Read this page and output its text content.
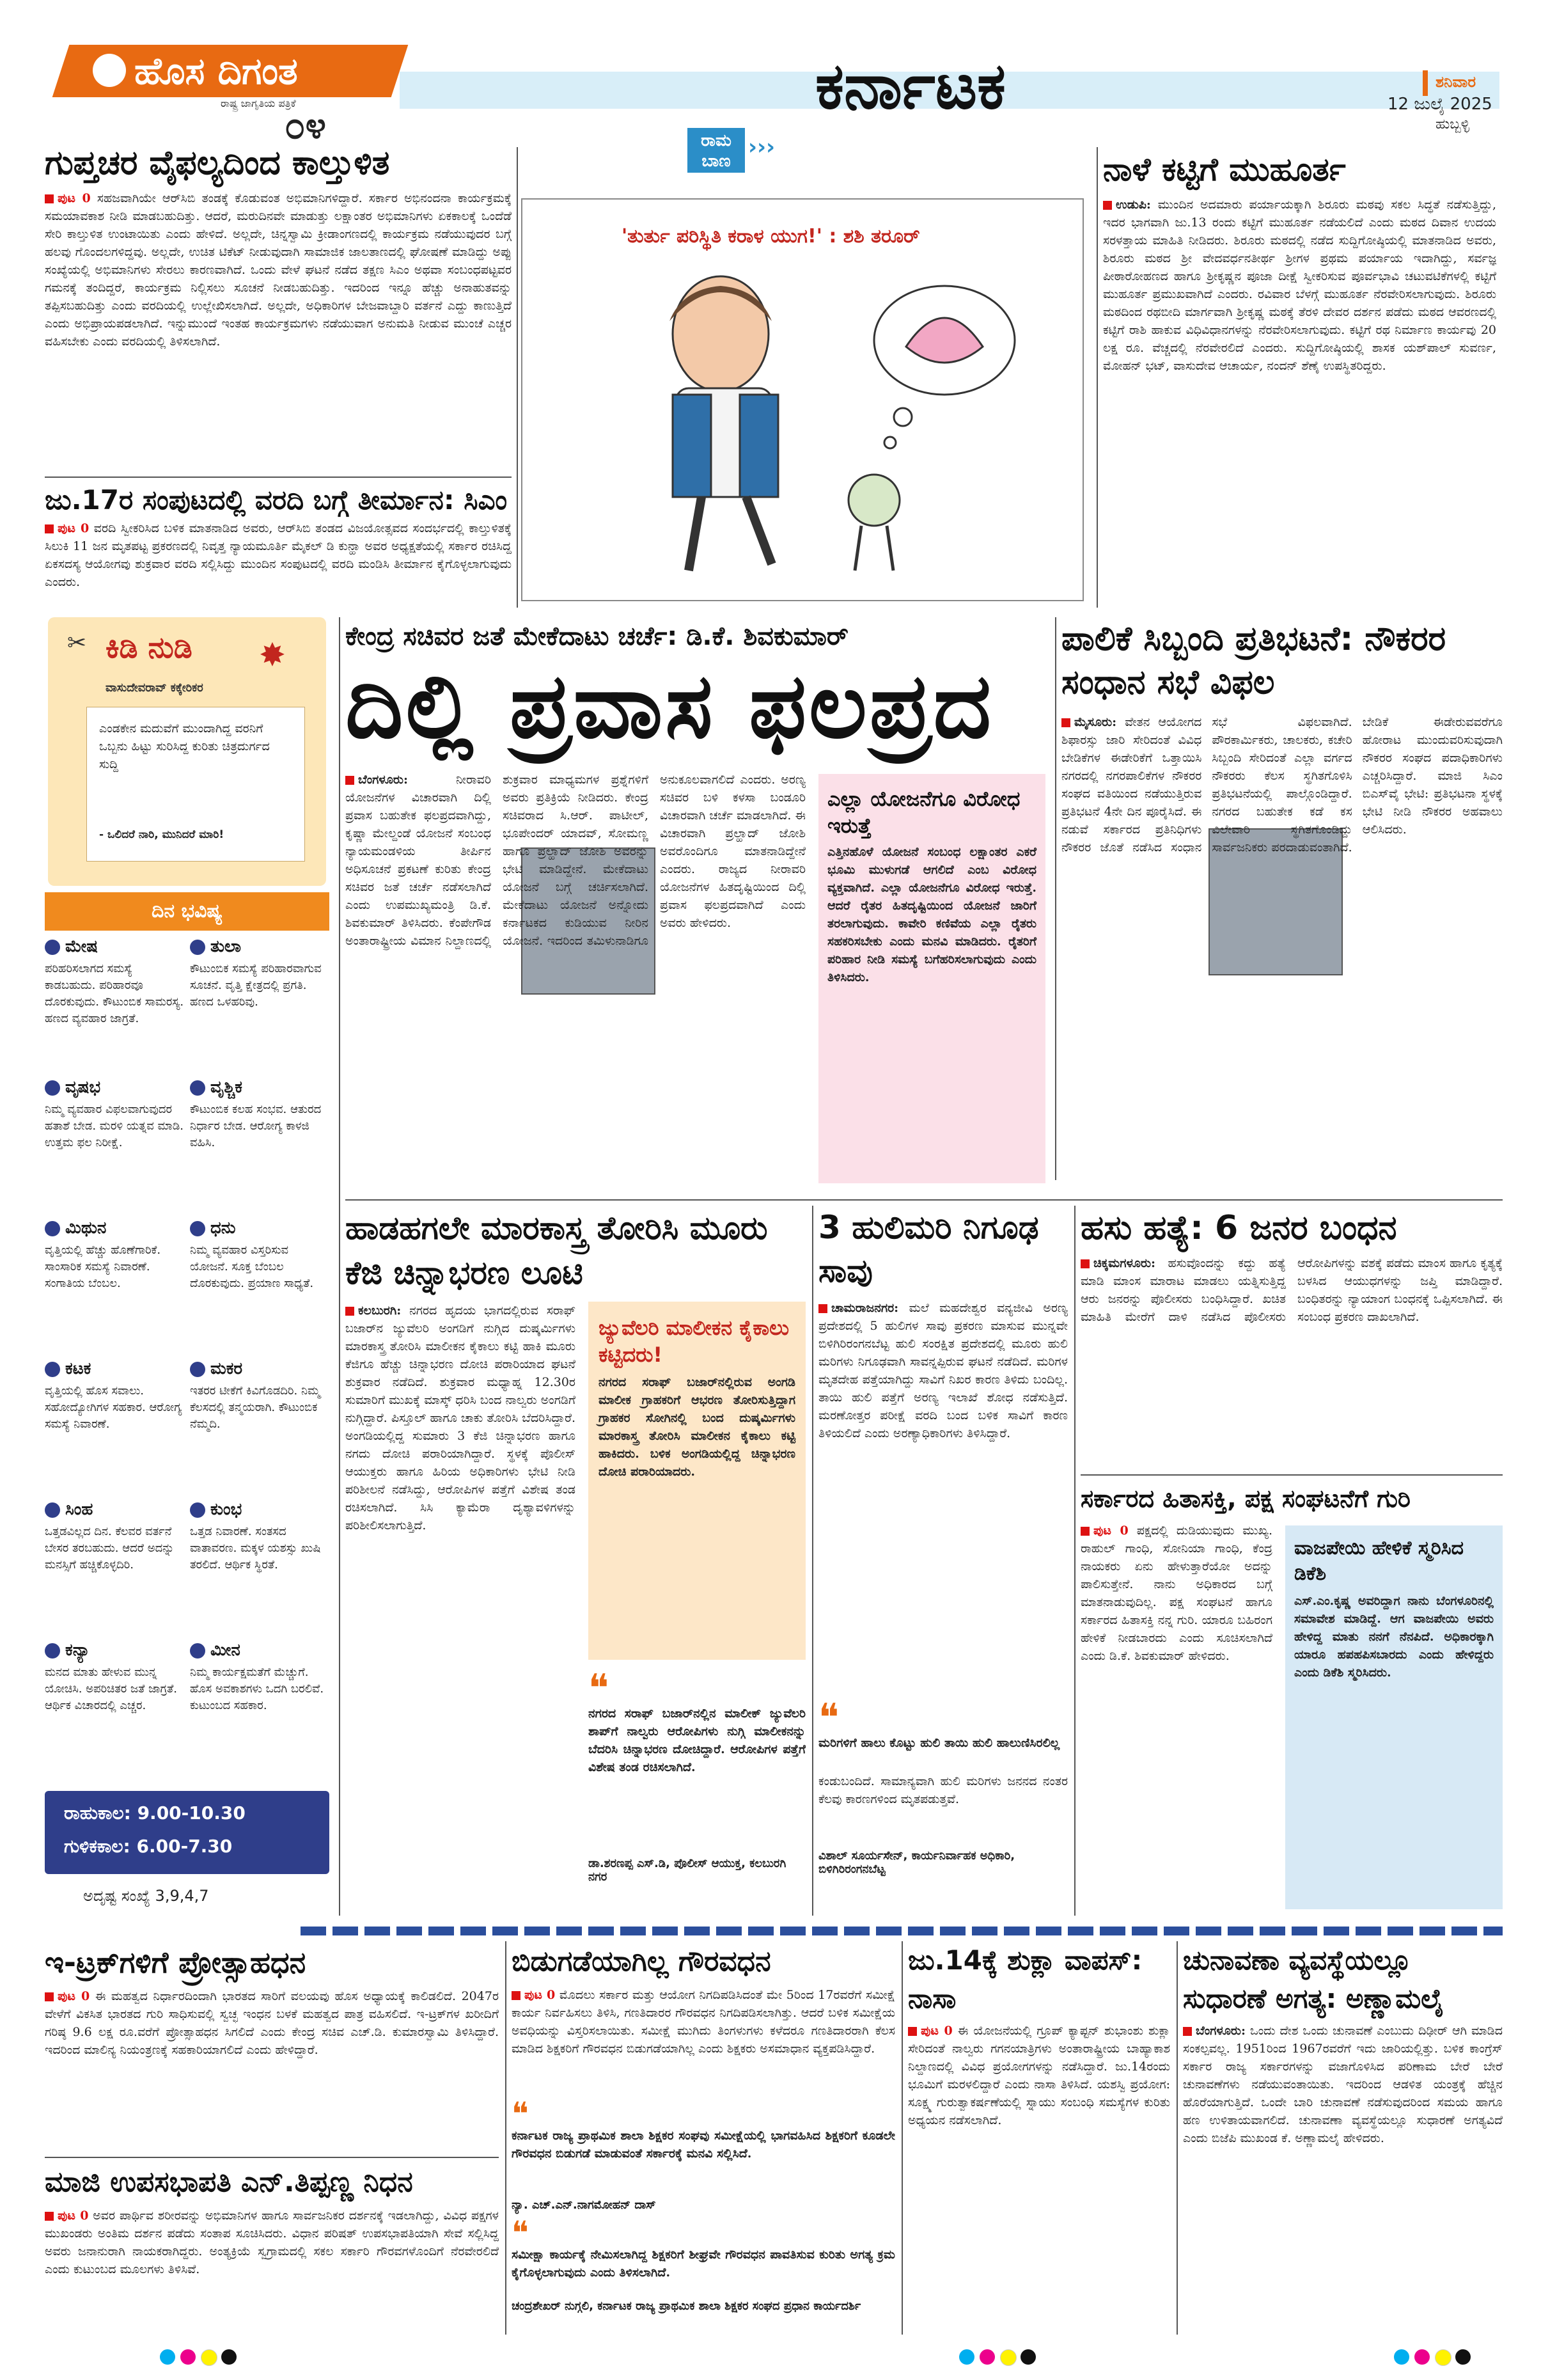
ಹೊಸ ದಿಗಂತ
ರಾಷ್ಟ್ರ ಜಾಗೃತಿಯ ಪತ್ರಿಕೆ
೦೪	ರಾಮ ಬಾಣ
›››
ಕರ್ನಾಟಕ	ಶನಿವಾರ
12 ಜುಲೈ 2025
ಹುಬ್ಬಳ್ಳಿ
ಗುಪ್ತಚರ ವೈಫಲ್ಯದಿಂದ ಕಾಲ್ತುಳಿತ
ಪುಟ 0 ಸಹಜವಾಗಿಯೇ ಆರ್‌ಸಿಬಿ ತಂಡಕ್ಕೆ ಕೊಡುವಂತ ಅಭಿಮಾನಿಗಳಿದ್ದಾರೆ. ಸರ್ಕಾರ ಅಭಿನಂದನಾ ಕಾರ್ಯಕ್ರಮಕ್ಕೆ ಸಮಯಾವಕಾಶ ನೀಡಿ ಮಾಡಬಹುದಿತ್ತು. ಆದರೆ, ಮರುದಿನವೇ ಮಾಡುತ್ತು ಲಕ್ಷಾಂತರ ಅಭಿಮಾನಿಗಳು ಏಕಕಾಲಕ್ಕೆ ಒಂದೆಡೆ ಸೇರಿ ಕಾಲ್ತುಳಿತ ಉಂಟಾಯಿತು ಎಂದು ಹೇಳಿದೆ. ಅಲ್ಲದೇ, ಚಿನ್ನಸ್ವಾಮಿ ಕ್ರೀಡಾಂಗಣದಲ್ಲಿ ಕಾರ್ಯಕ್ರಮ ನಡೆಯುವುದರ ಬಗ್ಗೆ ಹಲವು ಗೊಂದಲಗಳಿದ್ದವು. ಅಲ್ಲದೇ, ಉಚಿತ ಟಿಕೆಟ್ ನೀಡುವುದಾಗಿ ಸಾಮಾಜಿಕ ಜಾಲತಾಣದಲ್ಲಿ ಘೋಷಣೆ ಮಾಡಿದ್ದು ಅಪ್ಪು ಸಂಖ್ಯೆಯಲ್ಲಿ ಅಭಿಮಾನಿಗಳು ಸೇರಲು ಕಾರಣವಾಗಿದೆ. ಒಂದು ವೇಳೆ ಘಟನೆ ನಡೆದ ತಕ್ಷಣ ಸಿಎಂ ಅಥವಾ ಸಂಬಂಧಪಟ್ಟವರ ಗಮನಕ್ಕೆ ತಂದಿದ್ದರೆ, ಕಾರ್ಯಕ್ರಮ ನಿಲ್ಲಿಸಲು ಸೂಚನೆ ನೀಡಬಹುದಿತ್ತು. ಇದರಿಂದ ಇನ್ನೂ ಹೆಚ್ಚು ಅನಾಹುತವನ್ನು ತಪ್ಪಿಸಬಹುದಿತ್ತು ಎಂದು ವರದಿಯಲ್ಲಿ ಉಲ್ಲೇಖಿಸಲಾಗಿದೆ. ಅಲ್ಲದೇ, ಅಧಿಕಾರಿಗಳ ಬೇಜವಾಬ್ದಾರಿ ವರ್ತನೆ ಎದ್ದು ಕಾಣುತ್ತಿದೆ ಎಂದು ಅಭಿಪ್ರಾಯಪಡಲಾಗಿದೆ. ಇನ್ನುಮುಂದೆ ಇಂತಹ ಕಾರ್ಯಕ್ರಮಗಳು ನಡೆಯುವಾಗ ಅನುಮತಿ ನೀಡುವ ಮುಂಚೆ ಎಚ್ಚರ ವಹಿಸಬೇಕು ಎಂದು ವರದಿಯಲ್ಲಿ ತಿಳಿಸಲಾಗಿದೆ.
ಜು.17ರ ಸಂಪುಟದಲ್ಲಿ ವರದಿ ಬಗ್ಗೆ ತೀರ್ಮಾನ: ಸಿಎಂ
ಪುಟ 0 ವರದಿ ಸ್ವೀಕರಿಸಿದ ಬಳಿಕ ಮಾತನಾಡಿದ ಅವರು, ಆರ್‌ಸಿಬಿ ತಂಡದ ವಿಜಯೋತ್ಸವದ ಸಂದರ್ಭದಲ್ಲಿ ಕಾಲ್ತುಳಿತಕ್ಕೆ ಸಿಲುಕಿ 11 ಜನ ಮೃತಪಟ್ಟ ಪ್ರಕರಣದಲ್ಲಿ ನಿವೃತ್ತ ನ್ಯಾಯಮೂರ್ತಿ ಮೈಕಲ್ ಡಿ ಕುನ್ಹಾ ಅವರ ಅಧ್ಯಕ್ಷತೆಯಲ್ಲಿ ಸರ್ಕಾರ ರಚಿಸಿದ್ದ ಏಕಸದಸ್ಯ ಆಯೋಗವು ಶುಕ್ರವಾರ ವರದಿ ಸಲ್ಲಿಸಿದ್ದು ಮುಂದಿನ ಸಂಪುಟದಲ್ಲಿ ವರದಿ ಮಂಡಿಸಿ ತೀರ್ಮಾನ ಕೈಗೊಳ್ಳಲಾಗುವುದು ಎಂದರು.
'ತುರ್ತು ಪರಿಸ್ಥಿತಿ ಕರಾಳ ಯುಗ!' : ಶಶಿ ತರೂರ್
ನಾಳೆ ಕಟ್ಟಿಗೆ ಮುಹೂರ್ತ
ಉಡುಪಿ: ಮುಂದಿನ ಅದಮಾರು ಪರ್ಯಾಯಕ್ಕಾಗಿ ಶಿರೂರು ಮಠವು ಸಕಲ ಸಿದ್ಧತೆ ನಡೆಸುತ್ತಿದ್ದು, ಇದರ ಭಾಗವಾಗಿ ಜು.13 ರಂದು ಕಟ್ಟಿಗೆ ಮುಹೂರ್ತ ನಡೆಯಲಿದೆ ಎಂದು ಮಠದ ದಿವಾನ ಉದಯ ಸರಳತ್ತಾಯ ಮಾಹಿತಿ ನೀಡಿದರು. ಶಿರೂರು ಮಠದಲ್ಲಿ ನಡೆದ ಸುದ್ದಿಗೋಷ್ಠಿಯಲ್ಲಿ ಮಾತನಾಡಿದ ಅವರು, ಶಿರೂರು ಮಠದ ಶ್ರೀ ವೇದವರ್ಧನತೀರ್ಥ ಶ್ರೀಗಳ ಪ್ರಥಮ ಪರ್ಯಾಯ ಇದಾಗಿದ್ದು, ಸರ್ವಜ್ಞ ಪೀಠಾರೋಹಣದ ಹಾಗೂ ಶ್ರೀಕೃಷ್ಣನ ಪೂಜಾ ದೀಕ್ಷೆ ಸ್ವೀಕರಿಸುವ ಪೂರ್ವಭಾವಿ ಚಟುವಟಿಕೆಗಳಲ್ಲಿ ಕಟ್ಟಿಗೆ ಮುಹೂರ್ತ ಪ್ರಮುಖವಾಗಿದೆ ಎಂದರು. ರವಿವಾರ ಬೆಳಗ್ಗೆ ಮುಹೂರ್ತ ನೆರವೇರಿಸಲಾಗುವುದು. ಶಿರೂರು ಮಠದಿಂದ ರಥಬೀದಿ ಮಾರ್ಗವಾಗಿ ಶ್ರೀಕೃಷ್ಣ ಮಠಕ್ಕೆ ತೆರಳಿ ದೇವರ ದರ್ಶನ ಪಡೆದು ಮಠದ ಆವರಣದಲ್ಲಿ ಕಟ್ಟಿಗೆ ರಾಶಿ ಹಾಕುವ ವಿಧಿವಿಧಾನಗಳನ್ನು ನೆರವೇರಿಸಲಾಗುವುದು. ಕಟ್ಟಿಗೆ ರಥ ನಿರ್ಮಾಣ ಕಾರ್ಯವು 20 ಲಕ್ಷ ರೂ. ವೆಚ್ಚದಲ್ಲಿ ನೆರವೇರಲಿದೆ ಎಂದರು. ಸುದ್ದಿಗೋಷ್ಠಿಯಲ್ಲಿ ಶಾಸಕ ಯಶ್‌ಪಾಲ್ ಸುವರ್ಣ, ಮೋಹನ್ ಭಟ್, ವಾಸುದೇವ ಆಚಾರ್ಯ, ನಂದನ್ ಶೆಣೈ ಉಪಸ್ಥಿತರಿದ್ದರು.
✂ ಕಿಡಿ ನುಡಿ ✸
ವಾಸುದೇವರಾವ್ ಕಕ್ಕೇರಿಕರ
ಎಂಡಕೇನ ಮದುವೆಗೆ ಮುಂದಾಗಿದ್ದ ವರನಿಗೆ ಒಬ್ಬನು ಹಿಟ್ಟು ಸುರಿಸಿದ್ದ ಕುರಿತು ಚಿತ್ರದುರ್ಗದ ಸುದ್ದಿ
- ಒಲಿದರೆ ನಾರಿ, ಮುನಿದರೆ ಮಾರಿ!
ದಿನ ಭವಿಷ್ಯ
ಮೇಷ
ಪರಿಹರಿಸಲಾಗದ ಸಮಸ್ಯೆ ಕಾಡಬಹುದು. ಪರಿಹಾರವೂ ದೊರಕುವುದು. ಕೌಟುಂಬಿಕ ಸಾಮರಸ್ಯ. ಹಣದ ವ್ಯವಹಾರ ಜಾಗ್ರತೆ.
ವೃಷಭ
ನಿಮ್ಮ ವ್ಯವಹಾರ ವಿಫಲವಾಗುವುದರ ಹತಾಶೆ ಬೇಡ. ಮರಳಿ ಯತ್ನವ ಮಾಡಿ. ಉತ್ತಮ ಫಲ ನಿರೀಕ್ಷೆ.
ಮಿಥುನ
ವೃತ್ತಿಯಲ್ಲಿ ಹೆಚ್ಚು ಹೊಣೆಗಾರಿಕೆ. ಸಾಂಸಾರಿಕ ಸಮಸ್ಯೆ ನಿವಾರಣೆ. ಸಂಗಾತಿಯ ಬೆಂಬಲ.
ಕಟಕ
ವೃತ್ತಿಯಲ್ಲಿ ಹೊಸ ಸವಾಲು. ಸಹೋದ್ಯೋಗಿಗಳ ಸಹಕಾರ. ಆರೋಗ್ಯ ಸಮಸ್ಯೆ ನಿವಾರಣೆ.
ಸಿಂಹ
ಒತ್ತಡವಿಲ್ಲದ ದಿನ. ಕೆಲವರ ವರ್ತನೆ ಬೇಸರ ತರಬಹುದು. ಆದರೆ ಅದನ್ನು ಮನಸ್ಸಿಗೆ ಹಚ್ಚಿಕೊಳ್ಳದಿರಿ.
ಕನ್ಯಾ
ಮನದ ಮಾತು ಹೇಳುವ ಮುನ್ನ ಯೋಚಿಸಿ. ಅಪರಿಚಿತರ ಜತೆ ಜಾಗ್ರತೆ. ಆರ್ಥಿಕ ವಿಚಾರದಲ್ಲಿ ಎಚ್ಚರ.
ತುಲಾ
ಕೌಟುಂಬಿಕ ಸಮಸ್ಯೆ ಪರಿಹಾರವಾಗುವ ಸೂಚನೆ. ವೃತ್ತಿ ಕ್ಷೇತ್ರದಲ್ಲಿ ಪ್ರಗತಿ. ಹಣದ ಒಳಹರಿವು.
ವೃಶ್ಚಿಕ
ಕೌಟುಂಬಿಕ ಕಲಹ ಸಂಭವ. ಆತುರದ ನಿರ್ಧಾರ ಬೇಡ. ಆರೋಗ್ಯ ಕಾಳಜಿ ವಹಿಸಿ.
ಧನು
ನಿಮ್ಮ ವ್ಯವಹಾರ ವಿಸ್ತರಿಸುವ ಯೋಜನೆ. ಸೂಕ್ತ ಬೆಂಬಲ ದೊರಕುವುದು. ಪ್ರಯಾಣ ಸಾಧ್ಯತೆ.
ಮಕರ
ಇತರರ ಟೀಕೆಗೆ ಕಿವಿಗೊಡದಿರಿ. ನಿಮ್ಮ ಕೆಲಸದಲ್ಲಿ ತನ್ಮಯರಾಗಿ. ಕೌಟುಂಬಿಕ ನೆಮ್ಮದಿ.
ಕುಂಭ
ಒತ್ತಡ ನಿವಾರಣೆ. ಸಂತಸದ ವಾತಾವರಣ. ಮಕ್ಕಳ ಯಶಸ್ಸು ಖುಷಿ ತರಲಿದೆ. ಆರ್ಥಿಕ ಸ್ಥಿರತೆ.
ಮೀನ
ನಿಮ್ಮ ಕಾರ್ಯಕ್ಷಮತೆಗೆ ಮೆಚ್ಚುಗೆ. ಹೊಸ ಅವಕಾಶಗಳು ಒದಗಿ ಬರಲಿವೆ. ಕುಟುಂಬದ ಸಹಕಾರ.
ರಾಹುಕಾಲ: 9.00-10.30
ಗುಳಿಕಕಾಲ: 6.00-7.30
ಅದೃಷ್ಟ ಸಂಖ್ಯೆ 3,9,4,7
ಕೇಂದ್ರ ಸಚಿವರ ಜತೆ ಮೇಕೆದಾಟು ಚರ್ಚೆ: ಡಿ.ಕೆ. ಶಿವಕುಮಾರ್
ದಿಲ್ಲಿ ಪ್ರವಾಸ ಫಲಪ್ರದ
ಬೆಂಗಳೂರು:	ನೀರಾವರಿ ಯೋಜನೆಗಳ ವಿಚಾರವಾಗಿ ದಿಲ್ಲಿ ಪ್ರವಾಸ ಬಹುತೇಕ ಫಲಪ್ರದವಾಗಿದ್ದು, ಕೃಷ್ಣಾ ಮೇಲ್ದಂಡೆ ಯೋಜನೆ ಸಂಬಂಧ ನ್ಯಾಯಮಂಡಳಿಯ ತೀರ್ಪಿನ ಅಧಿಸೂಚನೆ ಪ್ರಕಟಣೆ ಕುರಿತು ಕೇಂದ್ರ ಸಚಿವರ ಜತೆ ಚರ್ಚೆ ನಡೆಸಲಾಗಿದೆ ಎಂದು ಉಪಮುಖ್ಯಮಂತ್ರಿ ಡಿ.ಕೆ. ಶಿವಕುಮಾರ್ ತಿಳಿಸಿದರು. ಕೆಂಪೇಗೌಡ ಅಂತಾರಾಷ್ಟ್ರೀಯ ವಿಮಾನ ನಿಲ್ದಾಣದಲ್ಲಿ ಶುಕ್ರವಾರ ಮಾಧ್ಯಮಗಳ ಪ್ರಶ್ನೆಗಳಿಗೆ ಅವರು ಪ್ರತಿಕ್ರಿಯೆ ನೀಡಿದರು. ಕೇಂದ್ರ ಸಚಿವರಾದ ಸಿ.ಆರ್. ಪಾಟೀಲ್, ಭೂಪೇಂದರ್ ಯಾದವ್, ಸೋಮಣ್ಣ ಹಾಗೂ ಪ್ರಲ್ಹಾದ್ ಜೋಶಿ ಅವರನ್ನು ಭೇಟಿ ಮಾಡಿದ್ದೇನೆ. ಮೇಕೆದಾಟು ಯೋಜನೆ ಬಗ್ಗೆ ಚರ್ಚಿಸಲಾಗಿದೆ. ಮೇಕೆದಾಟು ಯೋಜನೆ ಅನ್ನೋದು ಕರ್ನಾಟಕದ ಕುಡಿಯುವ ನೀರಿನ ಯೋಜನೆ. ಇದರಿಂದ ತಮಿಳುನಾಡಿಗೂ ಅನುಕೂಲವಾಗಲಿದೆ ಎಂದರು. ಅರಣ್ಯ ಸಚಿವರ ಬಳಿ ಕಳಸಾ ಬಂಡೂರಿ ವಿಚಾರವಾಗಿ ಚರ್ಚೆ ಮಾಡಲಾಗಿದೆ. ಈ ವಿಚಾರವಾಗಿ ಪ್ರಲ್ಹಾದ್ ಜೋಶಿ ಅವರೊಂದಿಗೂ ಮಾತನಾಡಿದ್ದೇನೆ ಎಂದರು. ರಾಜ್ಯದ ನೀರಾವರಿ ಯೋಜನೆಗಳ ಹಿತದೃಷ್ಟಿಯಿಂದ ದಿಲ್ಲಿ ಪ್ರವಾಸ ಫಲಪ್ರದವಾಗಿದೆ ಎಂದು ಅವರು ಹೇಳಿದರು.
ಎಲ್ಲಾ ಯೋಜನೆಗೂ ವಿರೋಧ ಇರುತ್ತೆ
ಎತ್ತಿನಹೊಳೆ ಯೋಜನೆ ಸಂಬಂಧ ಲಕ್ಷಾಂತರ ಎಕರೆ ಭೂಮಿ ಮುಳುಗಡೆ ಆಗಲಿದೆ ಎಂಬ ವಿರೋಧ ವ್ಯಕ್ತವಾಗಿದೆ. ಎಲ್ಲಾ ಯೋಜನೆಗೂ ವಿರೋಧ ಇರುತ್ತೆ. ಆದರೆ ರೈತರ ಹಿತದೃಷ್ಟಿಯಿಂದ ಯೋಜನೆ ಜಾರಿಗೆ ತರಲಾಗುವುದು. ಕಾವೇರಿ ಕಣಿವೆಯ ಎಲ್ಲಾ ರೈತರು ಸಹಕರಿಸಬೇಕು ಎಂದು ಮನವಿ ಮಾಡಿದರು. ರೈತರಿಗೆ ಪರಿಹಾರ ನೀಡಿ ಸಮಸ್ಯೆ ಬಗೆಹರಿಸಲಾಗುವುದು ಎಂದು ತಿಳಿಸಿದರು.
ಪಾಲಿಕೆ ಸಿಬ್ಬಂದಿ ಪ್ರತಿಭಟನೆ: ನೌಕರರ ಸಂಧಾನ ಸಭೆ ವಿಫಲ
ಮೈಸೂರು: ವೇತನ ಆಯೋಗದ ಶಿಫಾರಸ್ಸು ಜಾರಿ ಸೇರಿದಂತೆ ವಿವಿಧ ಬೇಡಿಕೆಗಳ ಈಡೇರಿಕೆಗೆ ಒತ್ತಾಯಿಸಿ ನಗರದಲ್ಲಿ ನಗರಪಾಲಿಕೆಗಳ ನೌಕರರ ಸಂಘದ ವತಿಯಿಂದ ನಡೆಯುತ್ತಿರುವ ಪ್ರತಿಭಟನೆ 4ನೇ ದಿನ ಪೂರೈಸಿದೆ. ಈ ನಡುವೆ ಸರ್ಕಾರದ ಪ್ರತಿನಿಧಿಗಳು ನೌಕರರ ಜೊತೆ ನಡೆಸಿದ ಸಂಧಾನ ಸಭೆ ವಿಫಲವಾಗಿದೆ. ಪೌರಕಾರ್ಮಿಕರು, ಚಾಲಕರು, ಕಚೇರಿ ಸಿಬ್ಬಂದಿ ಸೇರಿದಂತೆ ಎಲ್ಲಾ ವರ್ಗದ ನೌಕರರು ಕೆಲಸ ಸ್ಥಗಿತಗೊಳಿಸಿ ಪ್ರತಿಭಟನೆಯಲ್ಲಿ ಪಾಲ್ಗೊಂಡಿದ್ದಾರೆ. ನಗರದ ಬಹುತೇಕ ಕಡೆ ಕಸ ವಿಲೇವಾರಿ ಸ್ಥಗಿತಗೊಂಡಿದ್ದು ಸಾರ್ವಜನಿಕರು ಪರದಾಡುವಂತಾಗಿದೆ. ಬೇಡಿಕೆ ಈಡೇರುವವರೆಗೂ ಹೋರಾಟ ಮುಂದುವರಿಸುವುದಾಗಿ ನೌಕರರ ಸಂಘದ ಪದಾಧಿಕಾರಿಗಳು ಎಚ್ಚರಿಸಿದ್ದಾರೆ. ಮಾಜಿ ಸಿಎಂ ಬಿಎಸ್‌ವೈ ಭೇಟಿ: ಪ್ರತಿಭಟನಾ ಸ್ಥಳಕ್ಕೆ ಭೇಟಿ ನೀಡಿ ನೌಕರರ ಅಹವಾಲು ಆಲಿಸಿದರು.
ಹಾಡಹಗಲೇ ಮಾರಕಾಸ್ತ್ರ ತೋರಿಸಿ ಮೂರು ಕೆಜಿ ಚಿನ್ನಾಭರಣ ಲೂಟಿ
ಕಲಬುರಗಿ: ನಗರದ ಹೃದಯ ಭಾಗದಲ್ಲಿರುವ ಸರಾಫ್ ಬಜಾರ್‌ನ ಜ್ಯುವೆಲರಿ ಅಂಗಡಿಗೆ ನುಗ್ಗಿದ ದುಷ್ಕರ್ಮಿಗಳು ಮಾರಕಾಸ್ತ್ರ ತೋರಿಸಿ ಮಾಲೀಕನ ಕೈಕಾಲು ಕಟ್ಟಿ ಹಾಕಿ ಮೂರು ಕೆಜಿಗೂ ಹೆಚ್ಚು ಚಿನ್ನಾಭರಣ ದೋಚಿ ಪರಾರಿಯಾದ ಘಟನೆ ಶುಕ್ರವಾರ ನಡೆದಿದೆ. ಶುಕ್ರವಾರ ಮಧ್ಯಾಹ್ನ 12.30ರ ಸುಮಾರಿಗೆ ಮುಖಕ್ಕೆ ಮಾಸ್ಕ್ ಧರಿಸಿ ಬಂದ ನಾಲ್ವರು ಅಂಗಡಿಗೆ ನುಗ್ಗಿದ್ದಾರೆ. ಪಿಸ್ತೂಲ್ ಹಾಗೂ ಚಾಕು ತೋರಿಸಿ ಬೆದರಿಸಿದ್ದಾರೆ. ಅಂಗಡಿಯಲ್ಲಿದ್ದ ಸುಮಾರು 3 ಕೆಜಿ ಚಿನ್ನಾಭರಣ ಹಾಗೂ ನಗದು ದೋಚಿ ಪರಾರಿಯಾಗಿದ್ದಾರೆ. ಸ್ಥಳಕ್ಕೆ ಪೊಲೀಸ್ ಆಯುಕ್ತರು ಹಾಗೂ ಹಿರಿಯ ಅಧಿಕಾರಿಗಳು ಭೇಟಿ ನೀಡಿ ಪರಿಶೀಲನೆ ನಡೆಸಿದ್ದು, ಆರೋಪಿಗಳ ಪತ್ತೆಗೆ ವಿಶೇಷ ತಂಡ ರಚಿಸಲಾಗಿದೆ. ಸಿಸಿ ಕ್ಯಾಮೆರಾ ದೃಶ್ಯಾವಳಿಗಳನ್ನು ಪರಿಶೀಲಿಸಲಾಗುತ್ತಿದೆ.
ಜ್ಯುವೆಲರಿ ಮಾಲೀಕನ ಕೈಕಾಲು ಕಟ್ಟಿದರು!
ನಗರದ ಸರಾಫ್ ಬಜಾರ್‌ನಲ್ಲಿರುವ ಅಂಗಡಿ ಮಾಲೀಕ ಗ್ರಾಹಕರಿಗೆ ಆಭರಣ ತೋರಿಸುತ್ತಿದ್ದಾಗ ಗ್ರಾಹಕರ ಸೋಗಿನಲ್ಲಿ ಬಂದ ದುಷ್ಕರ್ಮಿಗಳು ಮಾರಕಾಸ್ತ್ರ ತೋರಿಸಿ ಮಾಲೀಕನ ಕೈಕಾಲು ಕಟ್ಟಿ ಹಾಕಿದರು. ಬಳಿಕ ಅಂಗಡಿಯಲ್ಲಿದ್ದ ಚಿನ್ನಾಭರಣ ದೋಚಿ ಪರಾರಿಯಾದರು.
❝
ನಗರದ ಸರಾಫ್ ಬಜಾರ್‌ನಲ್ಲಿನ ಮಾಲೀಕ್ ಜ್ಯುವೆಲರಿ ಶಾಪ್‌ಗೆ ನಾಲ್ವರು ಆರೋಪಿಗಳು ನುಗ್ಗಿ ಮಾಲೀಕನನ್ನು ಬೆದರಿಸಿ ಚಿನ್ನಾಭರಣ ದೋಚಿದ್ದಾರೆ. ಆರೋಪಿಗಳ ಪತ್ತೆಗೆ ವಿಶೇಷ ತಂಡ ರಚಿಸಲಾಗಿದೆ.
ಡಾ.ಶರಣಪ್ಪ ಎಸ್.ಡಿ, ಪೊಲೀಸ್ ಆಯುಕ್ತ, ಕಲಬುರಗಿ ನಗರ
3 ಹುಲಿಮರಿ ನಿಗೂಢ ಸಾವು
ಚಾಮರಾಜನಗರ: ಮಲೆ ಮಹದೇಶ್ವರ ವನ್ಯಜೀವಿ ಅರಣ್ಯ ಪ್ರದೇಶದಲ್ಲಿ 5 ಹುಲಿಗಳ ಸಾವು ಪ್ರಕರಣ ಮಾಸುವ ಮುನ್ನವೇ ಬಿಳಿಗಿರಿರಂಗನಬೆಟ್ಟ ಹುಲಿ ಸಂರಕ್ಷಿತ ಪ್ರದೇಶದಲ್ಲಿ ಮೂರು ಹುಲಿ ಮರಿಗಳು ನಿಗೂಢವಾಗಿ ಸಾವನ್ನಪ್ಪಿರುವ ಘಟನೆ ನಡೆದಿದೆ. ಮರಿಗಳ ಮೃತದೇಹ ಪತ್ತೆಯಾಗಿದ್ದು ಸಾವಿಗೆ ನಿಖರ ಕಾರಣ ತಿಳಿದು ಬಂದಿಲ್ಲ. ತಾಯಿ ಹುಲಿ ಪತ್ತೆಗೆ ಅರಣ್ಯ ಇಲಾಖೆ ಶೋಧ ನಡೆಸುತ್ತಿದೆ. ಮರಣೋತ್ತರ ಪರೀಕ್ಷೆ ವರದಿ ಬಂದ ಬಳಿಕ ಸಾವಿಗೆ ಕಾರಣ ತಿಳಿಯಲಿದೆ ಎಂದು ಅರಣ್ಯಾಧಿಕಾರಿಗಳು ತಿಳಿಸಿದ್ದಾರೆ.
❝
ಮರಿಗಳಿಗೆ ಹಾಲು ಕೊಟ್ಟು ಹುಲಿ ತಾಯಿ ಹುಲಿ ಹಾಲುಣಿಸಿರಲಿಲ್ಲ
ಕಂಡುಬಂದಿದೆ. ಸಾಮಾನ್ಯವಾಗಿ ಹುಲಿ ಮರಿಗಳು ಜನನದ ನಂತರ ಕೆಲವು ಕಾರಣಗಳಿಂದ ಮೃತಪಡುತ್ತವೆ.
ವಿಶಾಲ್ ಸೂರ್ಯಸೇನ್, ಕಾರ್ಯನಿರ್ವಾಹಕ ಅಧಿಕಾರಿ, ಬಿಳಿಗಿರಿರಂಗನಬೆಟ್ಟ
ಹಸು ಹತ್ಯೆ: 6 ಜನರ ಬಂಧನ
ಚಿಕ್ಕಮಗಳೂರು: ಹಸುವೊಂದನ್ನು ಕದ್ದು ಹತ್ಯೆ ಮಾಡಿ ಮಾಂಸ ಮಾರಾಟ ಮಾಡಲು ಯತ್ನಿಸುತ್ತಿದ್ದ ಆರು ಜನರನ್ನು ಪೊಲೀಸರು ಬಂಧಿಸಿದ್ದಾರೆ. ಖಚಿತ ಮಾಹಿತಿ ಮೇರೆಗೆ ದಾಳಿ ನಡೆಸಿದ ಪೊಲೀಸರು ಆರೋಪಿಗಳನ್ನು ವಶಕ್ಕೆ ಪಡೆದು ಮಾಂಸ ಹಾಗೂ ಕೃತ್ಯಕ್ಕೆ ಬಳಸಿದ ಆಯುಧಗಳನ್ನು ಜಪ್ತಿ ಮಾಡಿದ್ದಾರೆ. ಬಂಧಿತರನ್ನು ನ್ಯಾಯಾಂಗ ಬಂಧನಕ್ಕೆ ಒಪ್ಪಿಸಲಾಗಿದೆ. ಈ ಸಂಬಂಧ ಪ್ರಕರಣ ದಾಖಲಾಗಿದೆ.
ಸರ್ಕಾರದ ಹಿತಾಸಕ್ತಿ, ಪಕ್ಷ ಸಂಘಟನೆಗೆ ಗುರಿ
ಪುಟ 0 ಪಕ್ಷದಲ್ಲಿ ದುಡಿಯುವುದು ಮುಖ್ಯ. ರಾಹುಲ್ ಗಾಂಧಿ, ಸೋನಿಯಾ ಗಾಂಧಿ, ಕೆಂದ್ರ ನಾಯಕರು ಏನು ಹೇಳುತ್ತಾರೆಯೋ ಅದನ್ನು ಪಾಲಿಸುತ್ತೇನೆ. ನಾನು ಅಧಿಕಾರದ ಬಗ್ಗೆ ಮಾತನಾಡುವುದಿಲ್ಲ. ಪಕ್ಷ ಸಂಘಟನೆ ಹಾಗೂ ಸರ್ಕಾರದ ಹಿತಾಸಕ್ತಿ ನನ್ನ ಗುರಿ. ಯಾರೂ ಬಹಿರಂಗ ಹೇಳಿಕೆ ನೀಡಬಾರದು ಎಂದು ಸೂಚಿಸಲಾಗಿದೆ ಎಂದು ಡಿ.ಕೆ. ಶಿವಕುಮಾರ್ ಹೇಳಿದರು.
ವಾಜಪೇಯಿ ಹೇಳಿಕೆ ಸ್ಮರಿಸಿದ ಡಿಕೆಶಿ
ಎಸ್.ಎಂ.ಕೃಷ್ಣ ಅವರಿದ್ದಾಗ ನಾನು ಬೆಂಗಳೂರಿನಲ್ಲಿ ಸಮಾವೇಶ ಮಾಡಿದ್ದೆ. ಆಗ ವಾಜಪೇಯಿ ಅವರು ಹೇಳಿದ್ದ ಮಾತು ನನಗೆ ನೆನಪಿದೆ. ಅಧಿಕಾರಕ್ಕಾಗಿ ಯಾರೂ ಹಪಹಪಿಸಬಾರದು ಎಂದು ಹೇಳಿದ್ದರು ಎಂದು ಡಿಕೆಶಿ ಸ್ಮರಿಸಿದರು.
ಇ-ಟ್ರಕ್‌ಗಳಿಗೆ ಪ್ರೋತ್ಸಾಹಧನ
ಪುಟ 0 ಈ ಮಹತ್ವದ ನಿರ್ಧಾರದಿಂದಾಗಿ ಭಾರತದ ಸಾರಿಗೆ ವಲಯವು ಹೊಸ ಅಧ್ಯಾಯಕ್ಕೆ ಕಾಲಿಡಲಿದೆ. 2047ರ ವೇಳೆಗೆ ವಿಕಸಿತ ಭಾರತದ ಗುರಿ ಸಾಧಿಸುವಲ್ಲಿ ಸ್ವಚ್ಛ ಇಂಧನ ಬಳಕೆ ಮಹತ್ವದ ಪಾತ್ರ ವಹಿಸಲಿದೆ. ಇ-ಟ್ರಕ್‌ಗಳ ಖರೀದಿಗೆ ಗರಿಷ್ಠ 9.6 ಲಕ್ಷ ರೂ.ವರೆಗೆ ಪ್ರೋತ್ಸಾಹಧನ ಸಿಗಲಿದೆ ಎಂದು ಕೇಂದ್ರ ಸಚಿವ ಎಚ್.ಡಿ. ಕುಮಾರಸ್ವಾಮಿ ತಿಳಿಸಿದ್ದಾರೆ. ಇದರಿಂದ ಮಾಲಿನ್ಯ ನಿಯಂತ್ರಣಕ್ಕೆ ಸಹಕಾರಿಯಾಗಲಿದೆ ಎಂದು ಹೇಳಿದ್ದಾರೆ.
ಮಾಜಿ ಉಪಸಭಾಪತಿ ಎನ್.ತಿಪ್ಪಣ್ಣ ನಿಧನ
ಪುಟ 0 ಅವರ ಪಾರ್ಥಿವ ಶರೀರವನ್ನು ಅಭಿಮಾನಿಗಳ ಹಾಗೂ ಸಾರ್ವಜನಿಕರ ದರ್ಶನಕ್ಕೆ ಇಡಲಾಗಿದ್ದು, ವಿವಿಧ ಪಕ್ಷಗಳ ಮುಖಂಡರು ಅಂತಿಮ ದರ್ಶನ ಪಡೆದು ಸಂತಾಪ ಸೂಚಿಸಿದರು. ವಿಧಾನ ಪರಿಷತ್ ಉಪಸಭಾಪತಿಯಾಗಿ ಸೇವೆ ಸಲ್ಲಿಸಿದ್ದ ಅವರು ಜನಾನುರಾಗಿ ನಾಯಕರಾಗಿದ್ದರು. ಅಂತ್ಯಕ್ರಿಯೆ ಸ್ವಗ್ರಾಮದಲ್ಲಿ ಸಕಲ ಸರ್ಕಾರಿ ಗೌರವಗಳೊಂದಿಗೆ ನೆರವೇರಲಿದೆ ಎಂದು ಕುಟುಂಬದ ಮೂಲಗಳು ತಿಳಿಸಿವೆ.
ಬಿಡುಗಡೆಯಾಗಿಲ್ಲ ಗೌರವಧನ
ಪುಟ 0 ಮೊದಲು ಸರ್ಕಾರ ಮತ್ತು ಆಯೋಗ ನಿಗದಿಪಡಿಸಿದಂತೆ ಮೇ 5ರಿಂದ 17ರವರೆಗೆ ಸಮೀಕ್ಷೆ ಕಾರ್ಯ ನಿರ್ವಹಿಸಲು ತಿಳಿಸಿ, ಗಣತಿದಾರರ ಗೌರವಧನ ನಿಗದಿಪಡಿಸಲಾಗಿತ್ತು. ಆದರೆ ಬಳಿಕ ಸಮೀಕ್ಷೆಯ ಅವಧಿಯನ್ನು ವಿಸ್ತರಿಸಲಾಯಿತು. ಸಮೀಕ್ಷೆ ಮುಗಿದು ತಿಂಗಳುಗಳು ಕಳೆದರೂ ಗಣತಿದಾರರಾಗಿ ಕೆಲಸ ಮಾಡಿದ ಶಿಕ್ಷಕರಿಗೆ ಗೌರವಧನ ಬಿಡುಗಡೆಯಾಗಿಲ್ಲ ಎಂದು ಶಿಕ್ಷಕರು ಅಸಮಾಧಾನ ವ್ಯಕ್ತಪಡಿಸಿದ್ದಾರೆ.
❝
ಕರ್ನಾಟಕ ರಾಜ್ಯ ಪ್ರಾಥಮಿಕ ಶಾಲಾ ಶಿಕ್ಷಕರ ಸಂಘವು ಸಮೀಕ್ಷೆಯಲ್ಲಿ ಭಾಗವಹಿಸಿದ ಶಿಕ್ಷಕರಿಗೆ ಕೂಡಲೇ ಗೌರವಧನ ಬಿಡುಗಡೆ ಮಾಡುವಂತೆ ಸರ್ಕಾರಕ್ಕೆ ಮನವಿ ಸಲ್ಲಿಸಿದೆ.
ನ್ಯಾ. ಎಚ್.ಎನ್.ನಾಗಮೋಹನ್ ದಾಸ್
❝
ಸಮೀಕ್ಷಾ ಕಾರ್ಯಕ್ಕೆ ನೇಮಿಸಲಾಗಿದ್ದ ಶಿಕ್ಷಕರಿಗೆ ಶೀಘ್ರವೇ ಗೌರವಧನ ಪಾವತಿಸುವ ಕುರಿತು ಅಗತ್ಯ ಕ್ರಮ ಕೈಗೊಳ್ಳಲಾಗುವುದು ಎಂದು ತಿಳಿಸಲಾಗಿದೆ.
ಚಂದ್ರಶೇಖರ್ ನುಗ್ಗಲಿ, ಕರ್ನಾಟಕ ರಾಜ್ಯ ಪ್ರಾಥಮಿಕ ಶಾಲಾ ಶಿಕ್ಷಕರ ಸಂಘದ ಪ್ರಧಾನ ಕಾರ್ಯದರ್ಶಿ
ಜು.14ಕ್ಕೆ ಶುಕ್ಲಾ ವಾಪಸ್: ನಾಸಾ
ಪುಟ 0 ಈ ಯೋಜನೆಯಲ್ಲಿ ಗ್ರೂಪ್ ಕ್ಯಾಪ್ಟನ್ ಶುಭಾಂಶು ಶುಕ್ಲಾ ಸೇರಿದಂತೆ ನಾಲ್ವರು ಗಗನಯಾತ್ರಿಗಳು ಅಂತಾರಾಷ್ಟ್ರೀಯ ಬಾಹ್ಯಾಕಾಶ ನಿಲ್ದಾಣದಲ್ಲಿ ವಿವಿಧ ಪ್ರಯೋಗಗಳನ್ನು ನಡೆಸಿದ್ದಾರೆ. ಜು.14ರಂದು ಭೂಮಿಗೆ ಮರಳಲಿದ್ದಾರೆ ಎಂದು ನಾಸಾ ತಿಳಿಸಿದೆ. ಯಶಸ್ವಿ ಪ್ರಯೋಗ: ಸೂಕ್ಷ್ಮ ಗುರುತ್ವಾಕರ್ಷಣೆಯಲ್ಲಿ ಸ್ನಾಯು ಸಂಬಂಧಿ ಸಮಸ್ಯೆಗಳ ಕುರಿತು ಅಧ್ಯಯನ ನಡೆಸಲಾಗಿದೆ.
ಚುನಾವಣಾ ವ್ಯವಸ್ಥೆಯಲ್ಲೂ ಸುಧಾರಣೆ ಅಗತ್ಯ: ಅಣ್ಣಾಮಲೈ
ಬೆಂಗಳೂರು: ಒಂದು ದೇಶ ಒಂದು ಚುನಾವಣೆ ಎಂಬುದು ದಿಢೀರ್ ಆಗಿ ಮಾಡಿದ ಸಂಕಲ್ಪವಲ್ಲ. 1951ರಿಂದ 1967ರವರೆಗೆ ಇದು ಜಾರಿಯಲ್ಲಿತ್ತು. ಬಳಿಕ ಕಾಂಗ್ರೆಸ್ ಸರ್ಕಾರ ರಾಜ್ಯ ಸರ್ಕಾರಗಳನ್ನು ವಜಾಗೊಳಿಸಿದ ಪರಿಣಾಮ ಬೇರೆ ಬೇರೆ ಚುನಾವಣೆಗಳು ನಡೆಯುವಂತಾಯಿತು. ಇದರಿಂದ ಆಡಳಿತ ಯಂತ್ರಕ್ಕೆ ಹೆಚ್ಚಿನ ಹೊರೆಯಾಗುತ್ತಿದೆ. ಒಂದೇ ಬಾರಿ ಚುನಾವಣೆ ನಡೆಸುವುದರಿಂದ ಸಮಯ ಹಾಗೂ ಹಣ ಉಳಿತಾಯವಾಗಲಿದೆ. ಚುನಾವಣಾ ವ್ಯವಸ್ಥೆಯಲ್ಲೂ ಸುಧಾರಣೆ ಅಗತ್ಯವಿದೆ ಎಂದು ಬಿಜೆಪಿ ಮುಖಂಡ ಕೆ. ಅಣ್ಣಾಮಲೈ ಹೇಳಿದರು.
